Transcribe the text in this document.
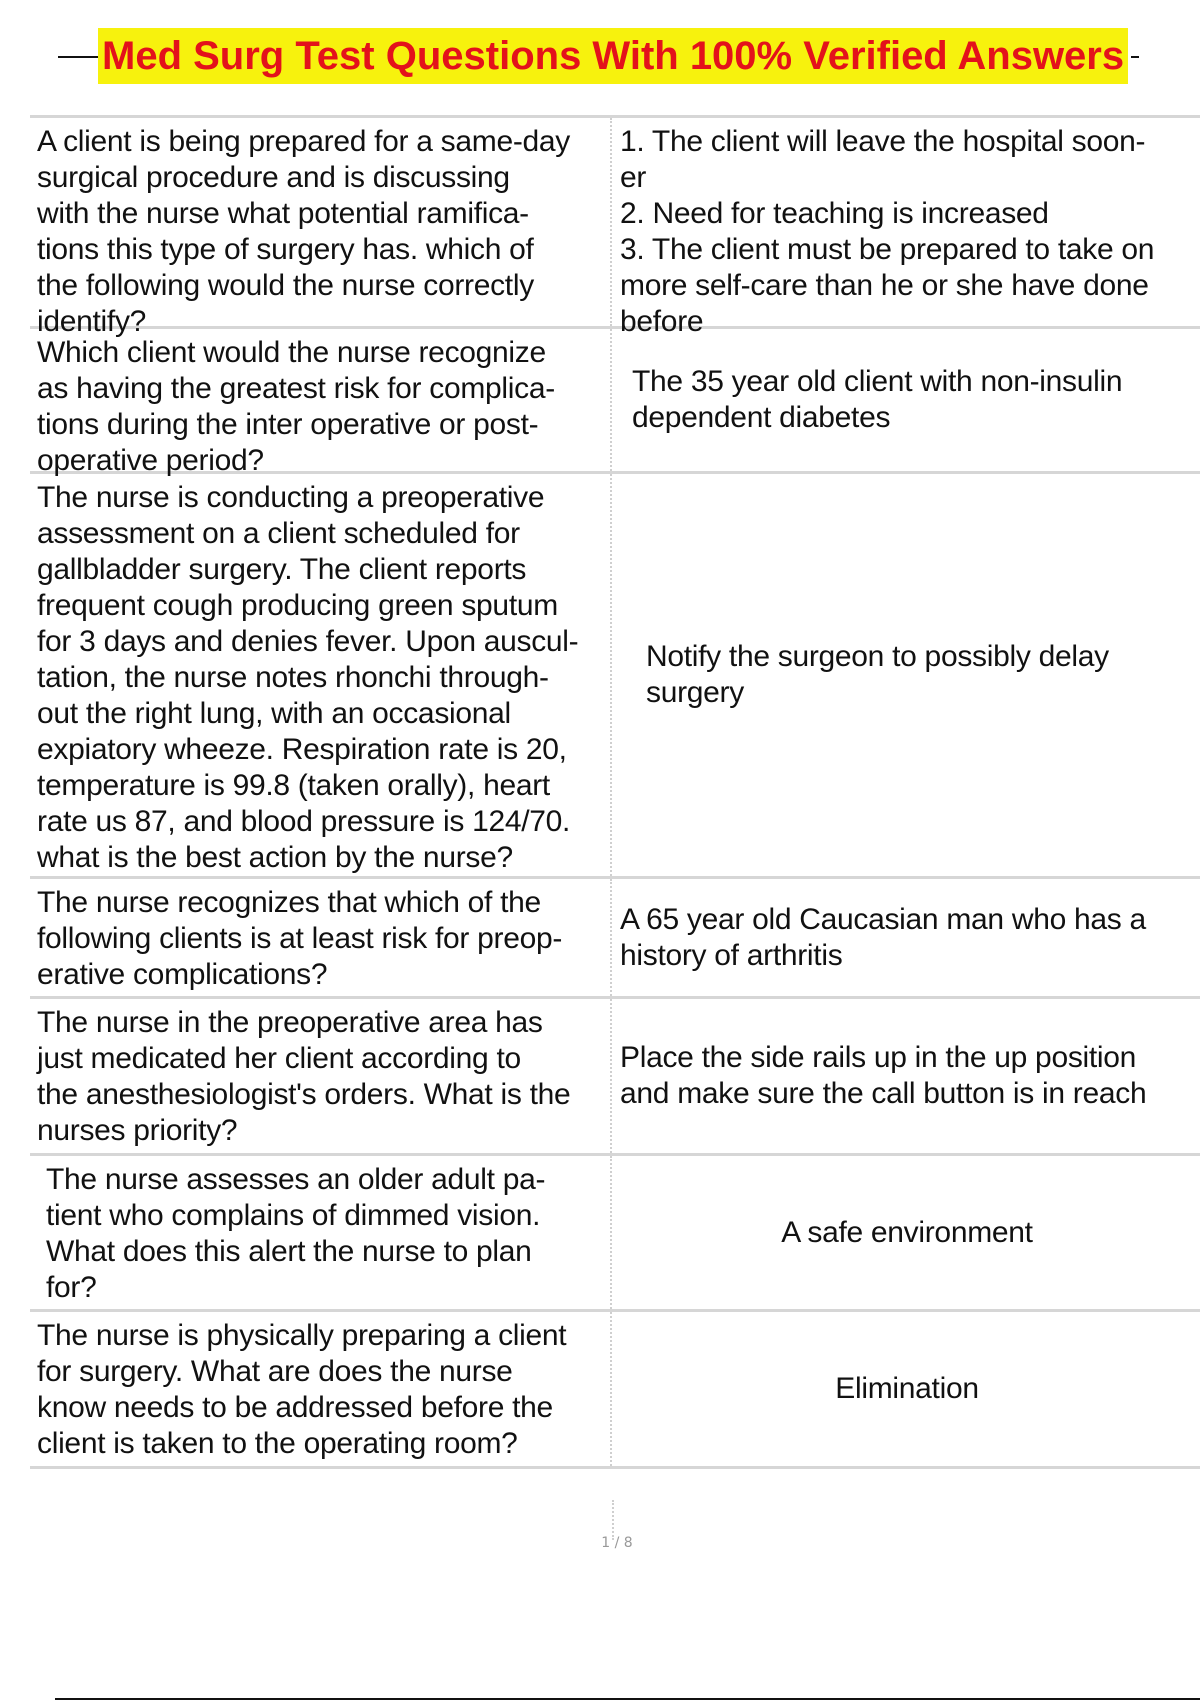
Med Surg Test Questions With 100% Verified Answers
A client is being prepared for a same-day
surgical procedure and is discussing
with the nurse what potential ramifica-
tions this type of surgery has. which of
the following would the nurse correctly
identify?
1. The client will leave the hospital soon-
er
2. Need for teaching is increased
3. The client must be prepared to take on
more self-care than he or she have done
before
Which client would the nurse recognize
as having the greatest risk for complica-
tions during the inter operative or post-
operative period?
The 35 year old client with non-insulin
dependent diabetes
The nurse is conducting a preoperative
assessment on a client scheduled for
gallbladder surgery. The client reports
frequent cough producing green sputum
for 3 days and denies fever. Upon auscul-
tation, the nurse notes rhonchi through-
out the right lung, with an occasional
expiatory wheeze. Respiration rate is 20,
temperature is 99.8 (taken orally), heart
rate us 87, and blood pressure is 124/70.
what is the best action by the nurse?
Notify the surgeon to possibly delay
surgery
The nurse recognizes that which of the
following clients is at least risk for preop-
erative complications?
A 65 year old Caucasian man who has a
history of arthritis
The nurse in the preoperative area has
just medicated her client according to
the anesthesiologist's orders. What is the
nurses priority?
Place the side rails up in the up position
and make sure the call button is in reach
The nurse assesses an older adult pa-
tient who complains of dimmed vision.
What does this alert the nurse to plan
for?
A safe environment
The nurse is physically preparing a client
for surgery. What are does the nurse
know needs to be addressed before the
client is taken to the operating room?
Elimination
1 / 8
